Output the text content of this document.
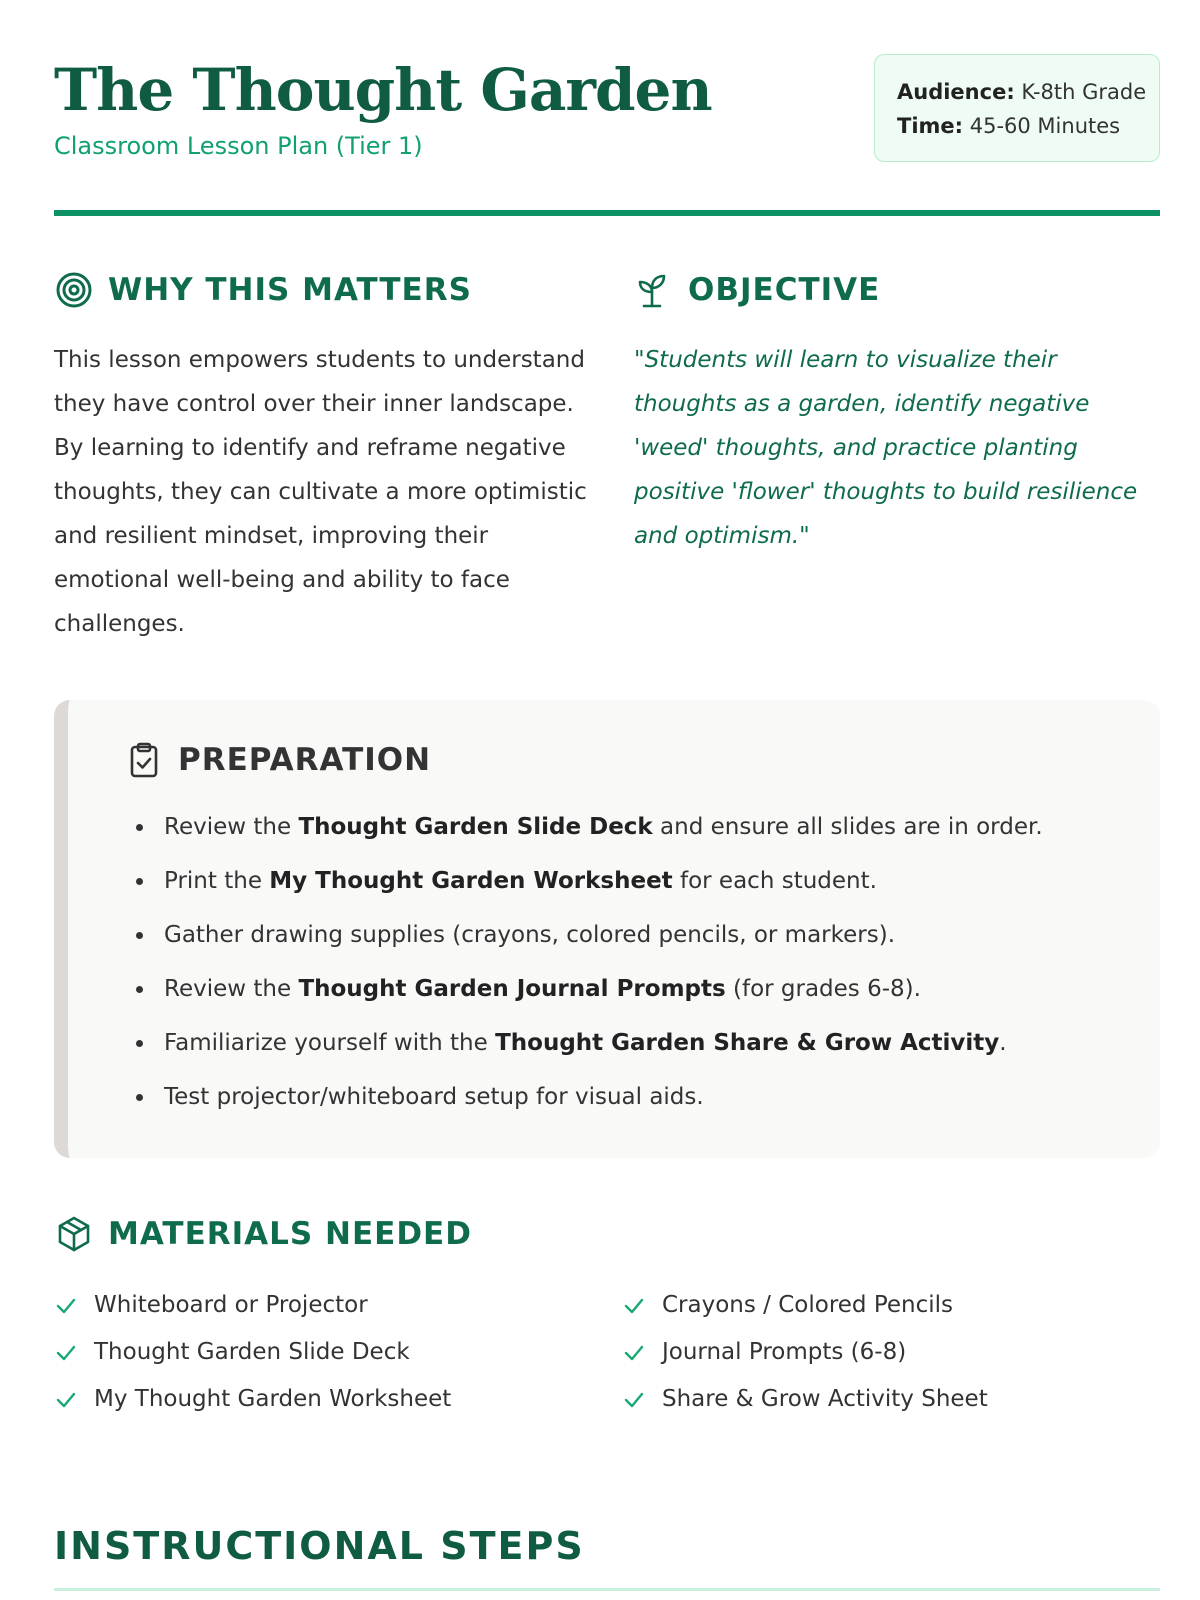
The Thought Garden
Classroom Lesson Plan (Tier 1)
Audience: K-8th Grade
Time: 45-60 Minutes
WHY THIS MATTERS
This lesson empowers students to understand they have control over their inner landscape. By learning to identify and reframe negative thoughts, they can cultivate a more optimistic and resilient mindset, improving their emotional well-being and ability to face challenges.
OBJECTIVE
"Students will learn to visualize their thoughts as a garden, identify negative 'weed' thoughts, and practice planting positive 'flower' thoughts to build resilience and optimism."
PREPARATION
• Review the Thought Garden Slide Deck and ensure all slides are in order.
• Print the My Thought Garden Worksheet for each student.
• Gather drawing supplies (crayons, colored pencils, or markers).
• Review the Thought Garden Journal Prompts (for grades 6-8).
• Familiarize yourself with the Thought Garden Share & Grow Activity.
• Test projector/whiteboard setup for visual aids.
MATERIALS NEEDED
Whiteboard or Projector
Thought Garden Slide Deck
My Thought Garden Worksheet
Crayons / Colored Pencils
Journal Prompts (6-8)
Share & Grow Activity Sheet
INSTRUCTIONAL STEPS
